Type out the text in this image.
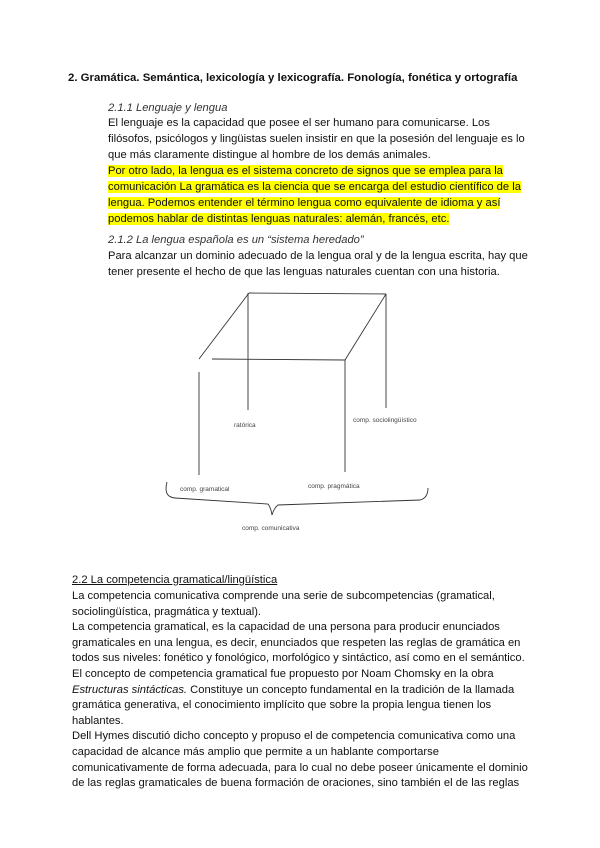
2. Gramática. Semántica, lexicología y lexicografía. Fonología, fonética y ortografía
2.1.1 Lenguaje y lengua
El lenguaje es la capacidad que posee el ser humano para comunicarse. Los
filósofos, psicólogos y lingüistas suelen insistir en que la posesión del lenguaje es lo
que más claramente distingue al hombre de los demás animales.
Por otro lado, la lengua es el sistema concreto de signos que se emplea para la
comunicación La gramática es la ciencia que se encarga del estudio científico de la
lengua. Podemos entender el término lengua como equivalente de idioma y así
podemos hablar de distintas lenguas naturales: alemán, francés, etc.
2.1.2 La lengua española es un “sistema heredado”
Para alcanzar un dominio adecuado de la lengua oral y de la lengua escrita, hay que
tener presente el hecho de que las lenguas naturales cuentan con una historia.
ratórica
comp. sociolingüístico
comp. gramatical	comp. pragmática
comp. comunicativa
2.2 La competencia gramatical/lingüística
La competencia comunicativa comprende una serie de subcompetencias (gramatical,
sociolingüística, pragmática y textual).
La competencia gramatical, es la capacidad de una persona para producir enunciados
gramaticales en una lengua, es decir, enunciados que respeten las reglas de gramática en
todos sus niveles: fonético y fonológico, morfológico y sintáctico, así como en el semántico.
El concepto de competencia gramatical fue propuesto por Noam Chomsky en la obra
Estructuras sintácticas. Constituye un concepto fundamental en la tradición de la llamada
gramática generativa, el conocimiento implícito que sobre la propia lengua tienen los
hablantes.
Dell Hymes discutió dicho concepto y propuso el de competencia comunicativa como una
capacidad de alcance más amplio que permite a un hablante comportarse
comunicativamente de forma adecuada, para lo cual no debe poseer únicamente el dominio
de las reglas gramaticales de buena formación de oraciones, sino también el de las reglas
